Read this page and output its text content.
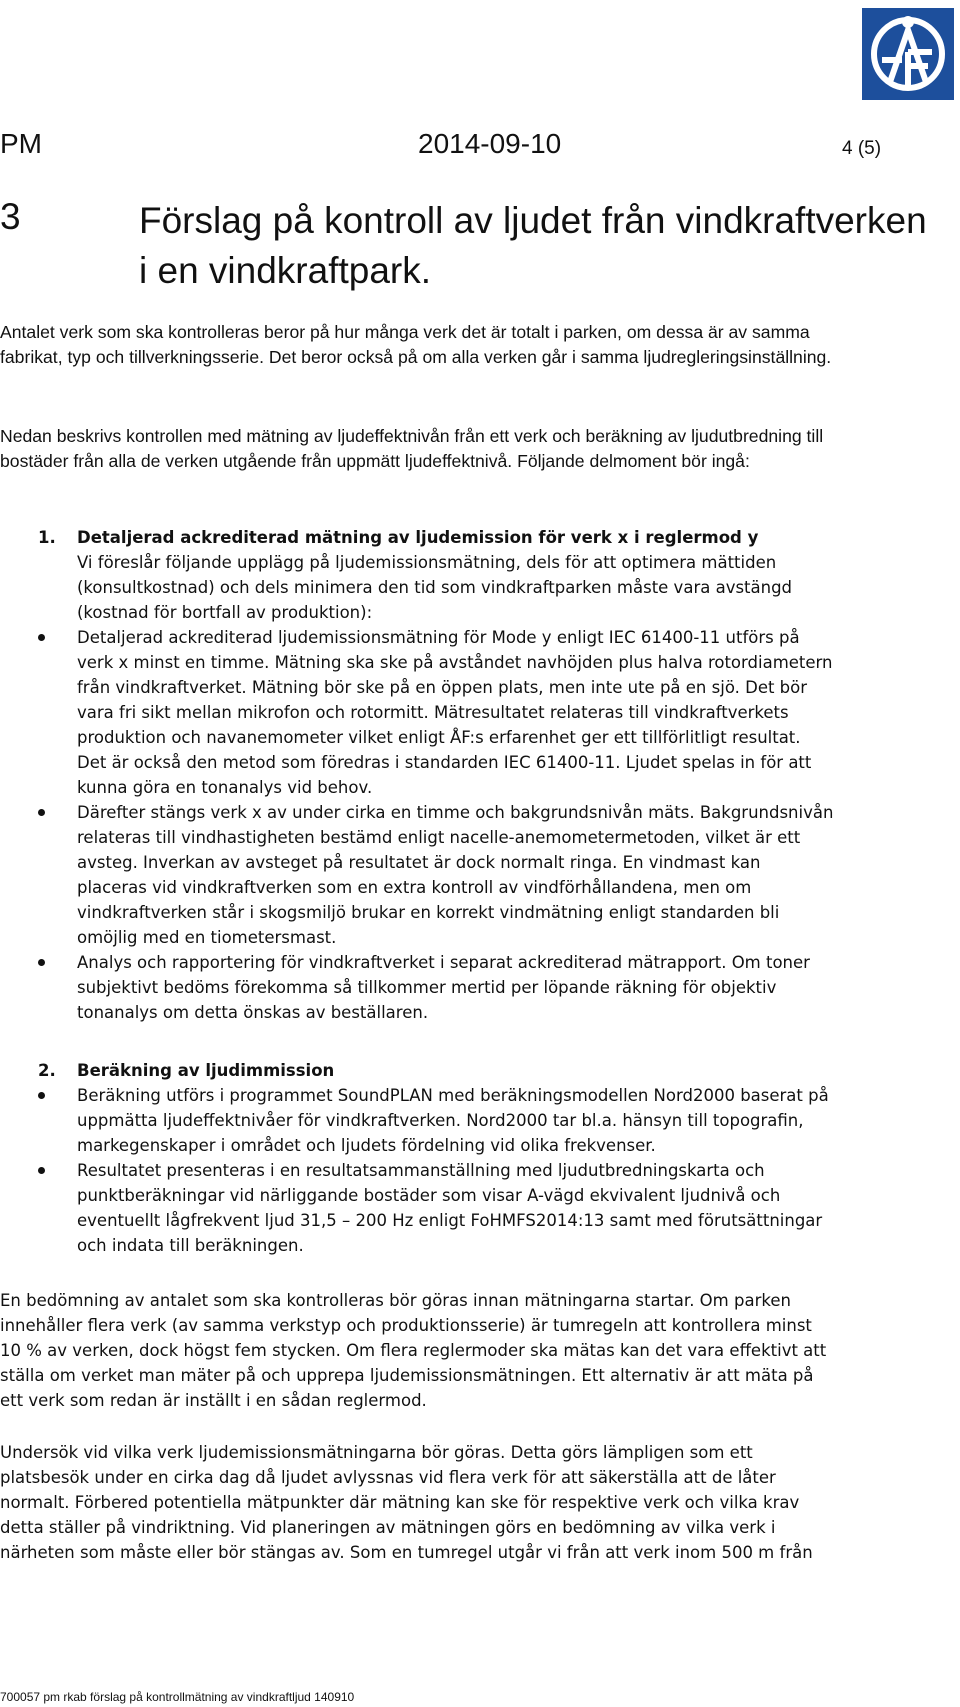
PM	2014-09-10	4 (5)
3	Förslag på kontroll av ljudet från vindkraftverken i en vindkraftpark.

Antalet verk som ska kontrolleras beror på hur många verk det är totalt i parken, om dessa är av samma fabrikat, typ och tillverkningsserie. Det beror också på om alla verken går i samma ljudregleringsinställning.

Nedan beskrivs kontrollen med mätning av ljudeffektnivån från ett verk och beräkning av ljudutbredning till bostäder från alla de verken utgående från uppmätt ljudeffektnivå. Följande delmoment bör ingå:

1. Detaljerad ackrediterad mätning av ljudemission för verk x i reglermod y
Vi föreslår följande upplägg på ljudemissionsmätning, dels för att optimera mättiden (konsultkostnad) och dels minimera den tid som vindkraftparken måste vara avstängd (kostnad för bortfall av produktion):
Detaljerad ackrediterad ljudemissionsmätning för Mode y enligt IEC 61400-11 utförs på verk x minst en timme. Mätning ska ske på avståndet navhöjden plus halva rotordiametern från vindkraftverket. Mätning bör ske på en öppen plats, men inte ute på en sjö. Det bör vara fri sikt mellan mikrofon och rotormitt. Mätresultatet relateras till vindkraftverkets produktion och navanemometer vilket enligt ÅF:s erfarenhet ger ett tillförlitligt resultat. Det är också den metod som föredras i standarden IEC 61400-11. Ljudet spelas in för att kunna göra en tonanalys vid behov.
Därefter stängs verk x av under cirka en timme och bakgrundsnivån mäts. Bakgrundsnivån relateras till vindhastigheten bestämd enligt nacelle-anemometermetoden, vilket är ett avsteg. Inverkan av avsteget på resultatet är dock normalt ringa. En vindmast kan placeras vid vindkraftverken som en extra kontroll av vindförhållandena, men om vindkraftverken står i skogsmiljö brukar en korrekt vindmätning enligt standarden bli omöjlig med en tiometersmast.
Analys och rapportering för vindkraftverket i separat ackrediterad mätrapport. Om toner subjektivt bedöms förekomma så tillkommer mertid per löpande räkning för objektiv tonanalys om detta önskas av beställaren.
2. Beräkning av ljudimmission
Beräkning utförs i programmet SoundPLAN med beräkningsmodellen Nord2000 baserat på uppmätta ljudeffektnivåer för vindkraftverken. Nord2000 tar bl.a. hänsyn till topografin, markegenskaper i området och ljudets fördelning vid olika frekvenser.
Resultatet presenteras i en resultatsammanställning med ljudutbredningskarta och punktberäkningar vid närliggande bostäder som visar A-vägd ekvivalent ljudnivå och eventuellt lågfrekvent ljud 31,5 – 200 Hz enligt FoHMFS2014:13 samt med förutsättningar och indata till beräkningen.

En bedömning av antalet som ska kontrolleras bör göras innan mätningarna startar. Om parken innehåller flera verk (av samma verkstyp och produktionsserie) är tumregeln att kontrollera minst 10 % av verken, dock högst fem stycken. Om flera reglermoder ska mätas kan det vara effektivt att ställa om verket man mäter på och upprepa ljudemissionsmätningen. Ett alternativ är att mäta på ett verk som redan är inställt i en sådan reglermod.

Undersök vid vilka verk ljudemissionsmätningarna bör göras. Detta görs lämpligen som ett platsbesök under en cirka dag då ljudet avlyssnas vid flera verk för att säkerställa att de låter normalt. Förbered potentiella mätpunkter där mätning kan ske för respektive verk och vilka krav detta ställer på vindriktning. Vid planeringen av mätningen görs en bedömning av vilka verk i närheten som måste eller bör stängas av. Som en tumregel utgår vi från att verk inom 500 m från

700057 pm rkab förslag på kontrollmätning av vindkraftljud 140910
